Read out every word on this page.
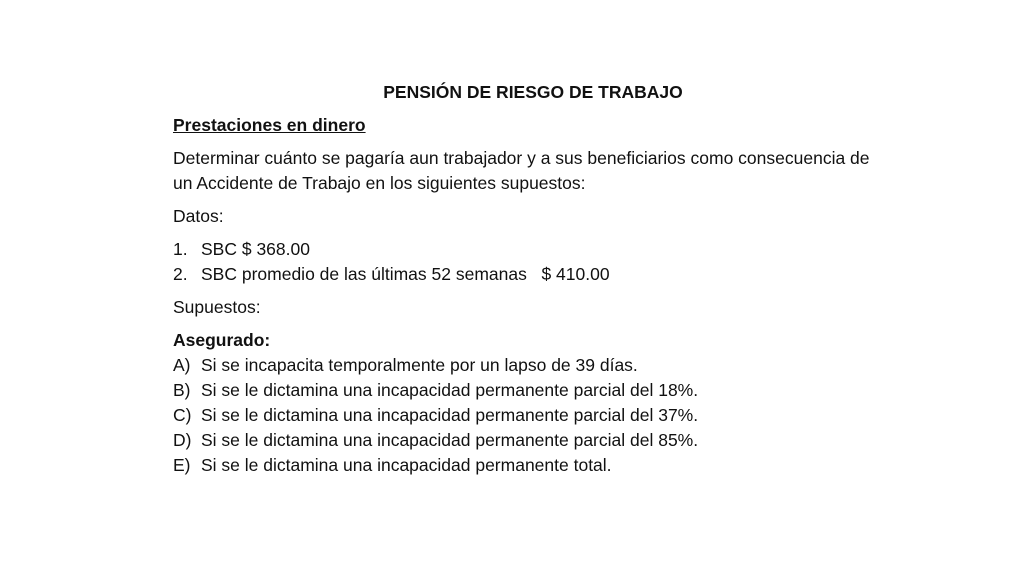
PENSIÓN DE RIESGO DE TRABAJO
Prestaciones en dinero
Determinar cuánto se pagaría aun trabajador y a sus beneficiarios como consecuencia de un Accidente de Trabajo en los siguientes supuestos:
Datos:
1. SBC $ 368.00
2. SBC promedio de las últimas 52 semanas   $ 410.00
Supuestos:
Asegurado:
A) Si se incapacita temporalmente por un lapso de 39 días.
B) Si se le dictamina una incapacidad permanente parcial del 18%.
C) Si se le dictamina una incapacidad permanente parcial del 37%.
D) Si se le dictamina una incapacidad permanente parcial del 85%.
E) Si se le dictamina una incapacidad permanente total.
